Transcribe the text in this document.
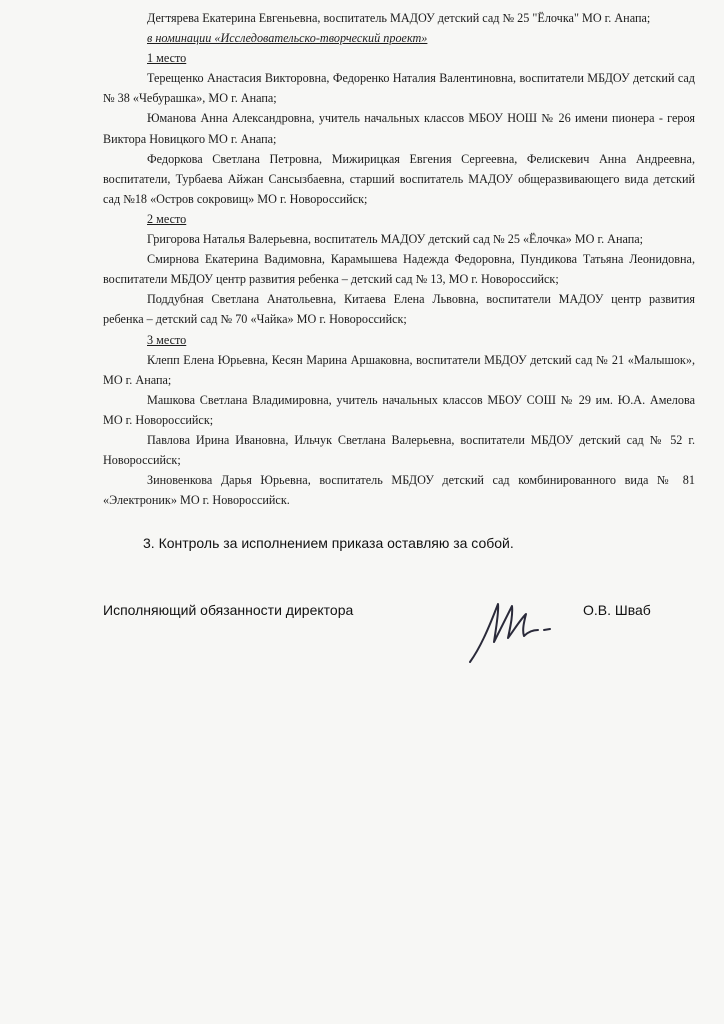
Дегтярева Екатерина Евгеньевна, воспитатель МАДОУ детский сад № 25 "Ёлочка" МО г. Анапа;

в номинации «Исследовательско-творческий проект»

1 место

Терещенко Анастасия Викторовна, Федоренко Наталия Валентиновна, воспитатели МБДОУ детский сад № 38 «Чебурашка», МО г. Анапа;

Юманова Анна Александровна, учитель начальных классов МБОУ НОШ № 26 имени пионера - героя Виктора Новицкого МО г. Анапа;

Федоркова Светлана Петровна, Мижирицкая Евгения Сергеевна, Фелискевич Анна Андреевна, воспитатели, Турбаева Айжан Сансызбаевна, старший воспитатель МАДОУ общеразвивающего вида детский сад №18 «Остров сокровищ» МО г. Новороссийск;

2 место

Григорова Наталья Валерьевна, воспитатель МАДОУ детский сад № 25 «Ёлочка» МО г. Анапа;

Смирнова Екатерина Вадимовна, Карамышева Надежда Федоровна, Пундикова Татьяна Леонидовна, воспитатели МБДОУ центр развития ребенка – детский сад № 13, МО г. Новороссийск;

Поддубная Светлана Анатольевна, Китаева Елена Львовна, воспитатели МАДОУ центр развития ребенка – детский сад № 70 «Чайка» МО г. Новороссийск;

3 место

Клепп Елена Юрьевна, Кесян Марина Аршаковна, воспитатели МБДОУ детский сад № 21 «Малышок», МО г. Анапа;

Машкова Светлана Владимировна, учитель начальных классов МБОУ СОШ № 29 им. Ю.А. Амелова МО г. Новороссийск;

Павлова Ирина Ивановна, Ильчук Светлана Валерьевна, воспитатели МБДОУ детский сад № 52 г. Новороссийск;

Зиновенкова Дарья Юрьевна, воспитатель МБДОУ детский сад комбинированного вида № 81 «Электроник» МО г. Новороссийск.

3. Контроль за исполнением приказа оставляю за собой.
Исполняющий обязанности директора	О.В. Шваб
